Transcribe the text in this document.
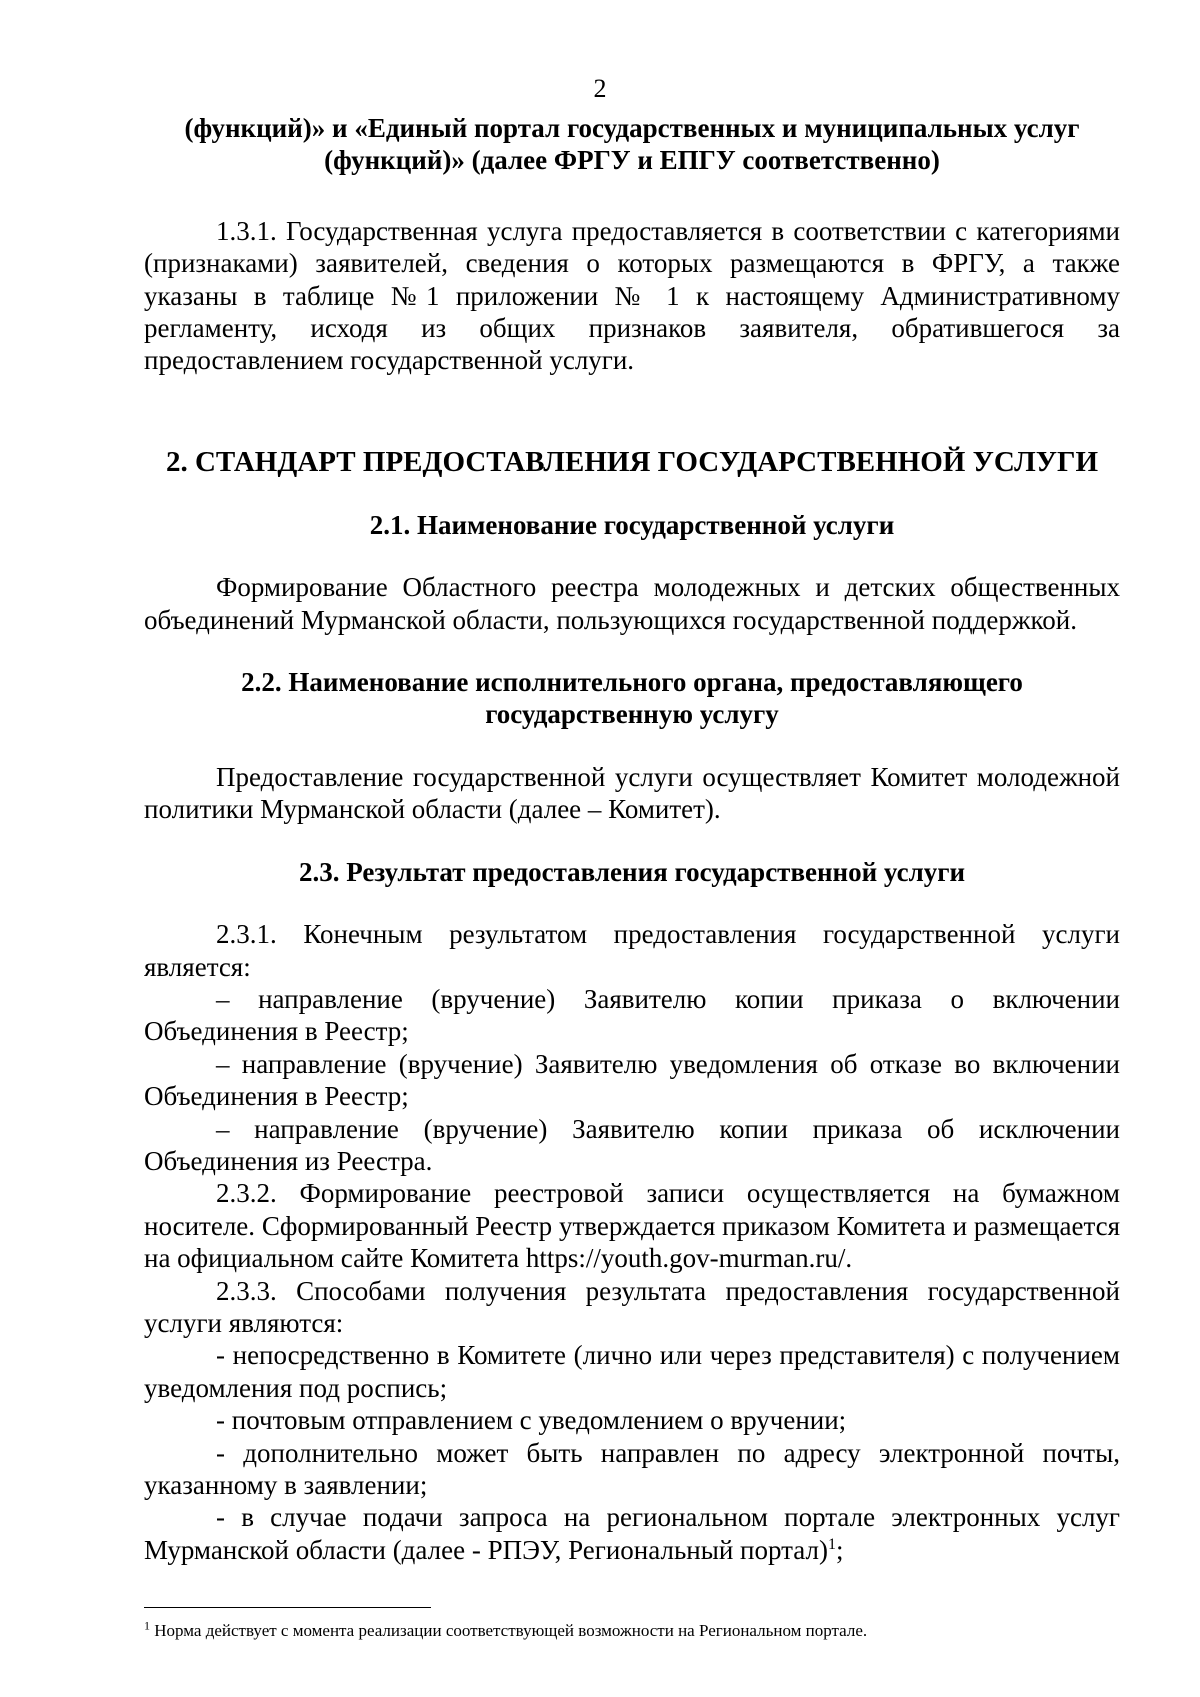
2

(функций)» и «Единый портал государственных и муниципальных услуг
(функций)» (далее ФРГУ и ЕПГУ соответственно)

1.3.1. Государственная услуга предоставляется в соответствии с категориями (признаками) заявителей, сведения о которых размещаются в ФРГУ, а также указаны в таблице №1 приложении № 1 к настоящему Административному регламенту, исходя из общих признаков заявителя, обратившегося за предоставлением государственной услуги.

2. СТАНДАРТ ПРЕДОСТАВЛЕНИЯ ГОСУДАРСТВЕННОЙ УСЛУГИ

2.1. Наименование государственной услуги

Формирование Областного реестра молодежных и детских общественных объединений Мурманской области, пользующихся государственной поддержкой.

2.2. Наименование исполнительного органа, предоставляющего
государственную услугу

Предоставление государственной услуги осуществляет Комитет молодежной политики Мурманской области (далее – Комитет).

2.3. Результат предоставления государственной услуги

2.3.1. Конечным результатом предоставления государственной услуги является:

– направление (вручение) Заявителю копии приказа о включении Объединения в Реестр;

– направление (вручение) Заявителю уведомления об отказе во включении Объединения в Реестр;

– направление (вручение) Заявителю копии приказа об исключении Объединения из Реестра.

2.3.2. Формирование реестровой записи осуществляется на бумажном носителе. Сформированный Реестр утверждается приказом Комитета и размещается на официальном сайте Комитета https://youth.gov-murman.ru/.

2.3.3. Способами получения результата предоставления государственной услуги являются:

- непосредственно в Комитете (лично или через представителя) с получением уведомления под роспись;

- почтовым отправлением с уведомлением о вручении;

- дополнительно может быть направлен по адресу электронной почты, указанному в заявлении;

- в случае подачи запроса на региональном портале электронных услуг Мурманской области (далее - РПЭУ, Региональный портал)$^1$;

$^1$ Норма действует с момента реализации соответствующей возможности на Региональном портале.
